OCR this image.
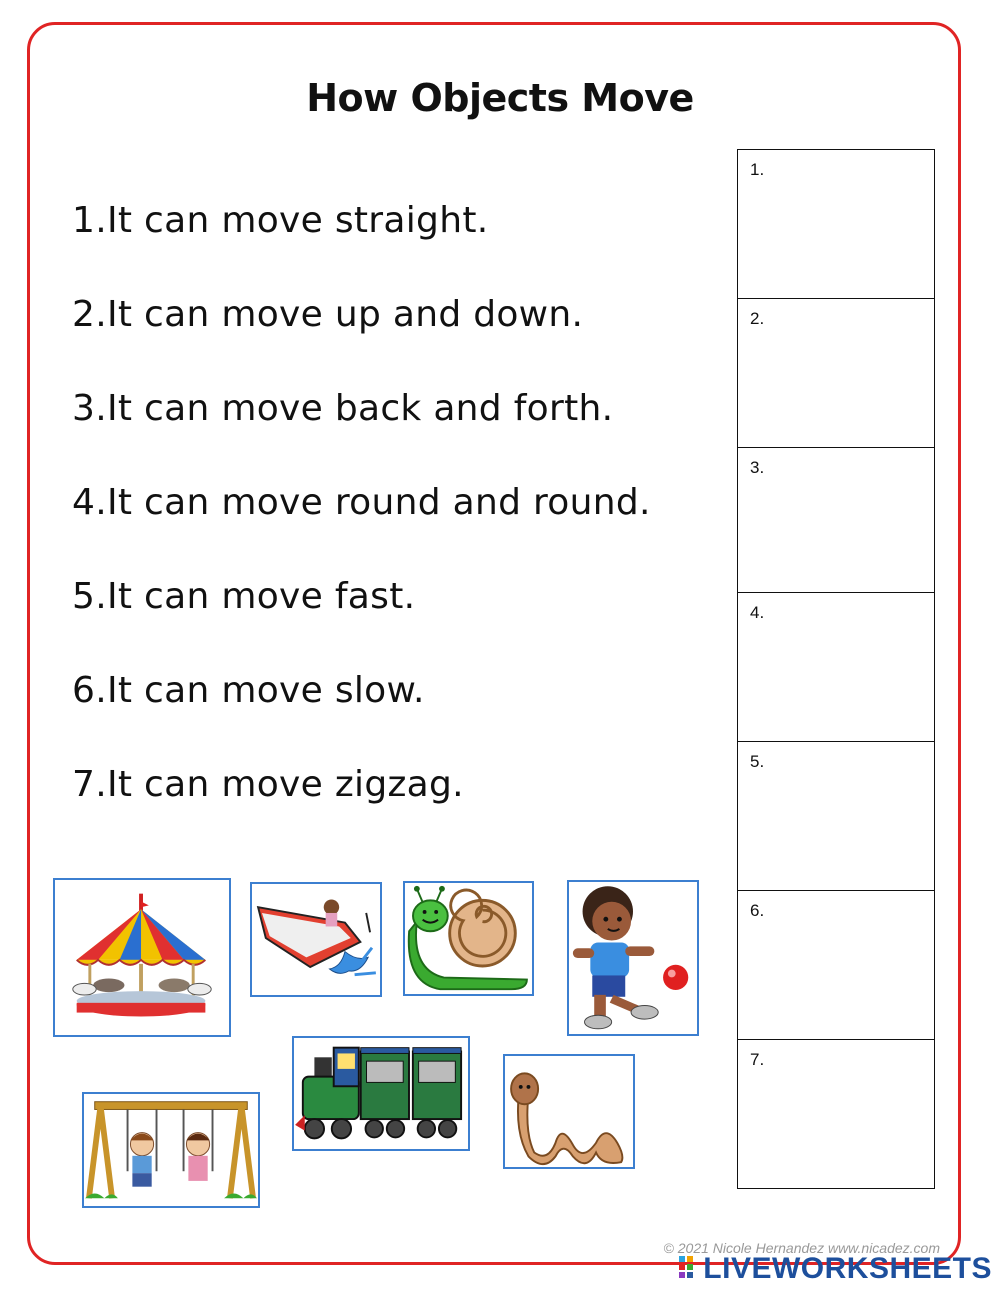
How Objects Move
1.It can move straight.
2.It can move up and down.
3.It can move back and forth.
4.It can move round and round.
5.It can move fast.
6.It can move slow.
7.It can move zigzag.
1.
2.
3.
4.
5.
6.
7.
© 2021 Nicole Hernandez www.nicadez.com
LIVEWORKSHEETS
